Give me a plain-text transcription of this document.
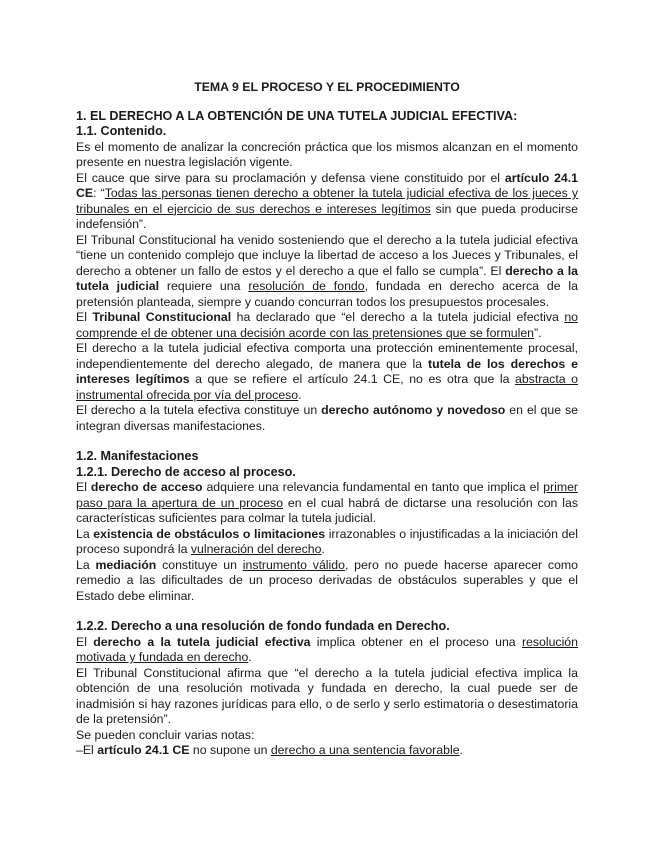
TEMA 9 EL PROCESO Y EL PROCEDIMIENTO

1. EL DERECHO A LA OBTENCIÓN DE UNA TUTELA JUDICIAL EFECTIVA:

1.1. Contenido.

Es el momento de analizar la concreción práctica que los mismos alcanzan en el momento presente en nuestra legislación vigente.

El cauce que sirve para su proclamación y defensa viene constituido por el artículo 24.1 CE: “Todas las personas tienen derecho a obtener la tutela judicial efectiva de los jueces y tribunales en el ejercicio de sus derechos e intereses legítimos sin que pueda producirse indefensión”.

El Tribunal Constitucional ha venido sosteniendo que el derecho a la tutela judicial efectiva “tiene un contenido complejo que incluye la libertad de acceso a los Jueces y Tribunales, el derecho a obtener un fallo de estos y el derecho a que el fallo se cumpla”. El derecho a la tutela judicial requiere una resolución de fondo, fundada en derecho acerca de la pretensión planteada, siempre y cuando concurran todos los presupuestos procesales.

El Tribunal Constitucional ha declarado que “el derecho a la tutela judicial efectiva no comprende el de obtener una decisión acorde con las pretensiones que se formulen”.

El derecho a la tutela judicial efectiva comporta una protección eminentemente procesal, independientemente del derecho alegado, de manera que la tutela de los derechos e intereses legítimos a que se refiere el artículo 24.1 CE, no es otra que la abstracta o instrumental ofrecida por vía del proceso.

El derecho a la tutela efectiva constituye un derecho autónomo y novedoso en el que se integran diversas manifestaciones.

1.2. Manifestaciones

1.2.1. Derecho de acceso al proceso.

El derecho de acceso adquiere una relevancia fundamental en tanto que implica el primer paso para la apertura de un proceso en el cual habrá de dictarse una resolución con las características suficientes para colmar la tutela judicial.

La existencia de obstáculos o limitaciones irrazonables o injustificadas a la iniciación del proceso supondrá la vulneración del derecho.

La mediación constituye un instrumento válido, pero no puede hacerse aparecer como remedio a las dificultades de un proceso derivadas de obstáculos superables y que el Estado debe eliminar.

1.2.2. Derecho a una resolución de fondo fundada en Derecho.

El derecho a la tutela judicial efectiva implica obtener en el proceso una resolución motivada y fundada en derecho.

El Tribunal Constitucional afirma que “el derecho a la tutela judicial efectiva implica la obtención de una resolución motivada y fundada en derecho, la cual puede ser de inadmisión si hay razones jurídicas para ello, o de serlo y serlo estimatoria o desestimatoria de la pretensión”.

Se pueden concluir varias notas:

–El artículo 24.1 CE no supone un derecho a una sentencia favorable.
